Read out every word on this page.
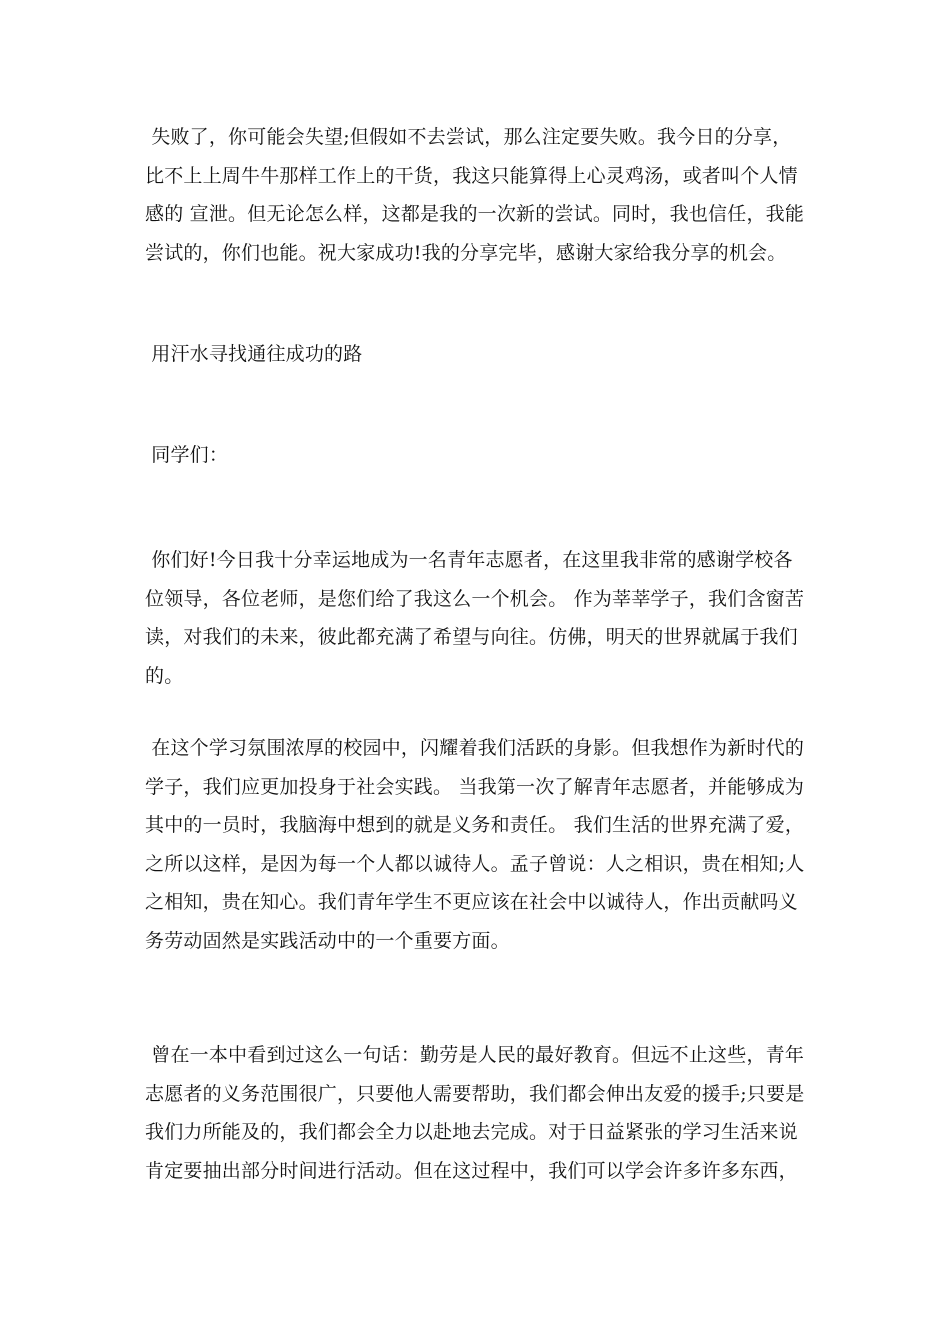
失败了，你可能会失望;但假如不去尝试，那么注定要失败。我今日的分享，
比不上上周牛牛那样工作上的干货，我这只能算得上心灵鸡汤，或者叫个人情
感的 宣泄。但无论怎么样，这都是我的一次新的尝试。同时，我也信任，我能
尝试的，你们也能。祝大家成功!我的分享完毕，感谢大家给我分享的机会。
用汗水寻找通往成功的路
同学们：
你们好!今日我十分幸运地成为一名青年志愿者，在这里我非常的感谢学校各
位领导，各位老师，是您们给了我这么一个机会。 作为莘莘学子，我们含窗苦
读，对我们的未来，彼此都充满了希望与向往。仿佛，明天的世界就属于我们
的。
在这个学习氛围浓厚的校园中，闪耀着我们活跃的身影。但我想作为新时代的
学子，我们应更加投身于社会实践。 当我第一次了解青年志愿者，并能够成为
其中的一员时，我脑海中想到的就是义务和责任。 我们生活的世界充满了爱，
之所以这样，是因为每一个人都以诚待人。孟子曾说：人之相识，贵在相知;人
之相知，贵在知心。我们青年学生不更应该在社会中以诚待人，作出贡献吗义
务劳动固然是实践活动中的一个重要方面。
曾在一本中看到过这么一句话：勤劳是人民的最好教育。但远不止这些，青年
志愿者的义务范围很广，只要他人需要帮助，我们都会伸出友爱的援手;只要是
我们力所能及的，我们都会全力以赴地去完成。对于日益紧张的学习生活来说
肯定要抽出部分时间进行活动。但在这过程中，我们可以学会许多许多东西，
